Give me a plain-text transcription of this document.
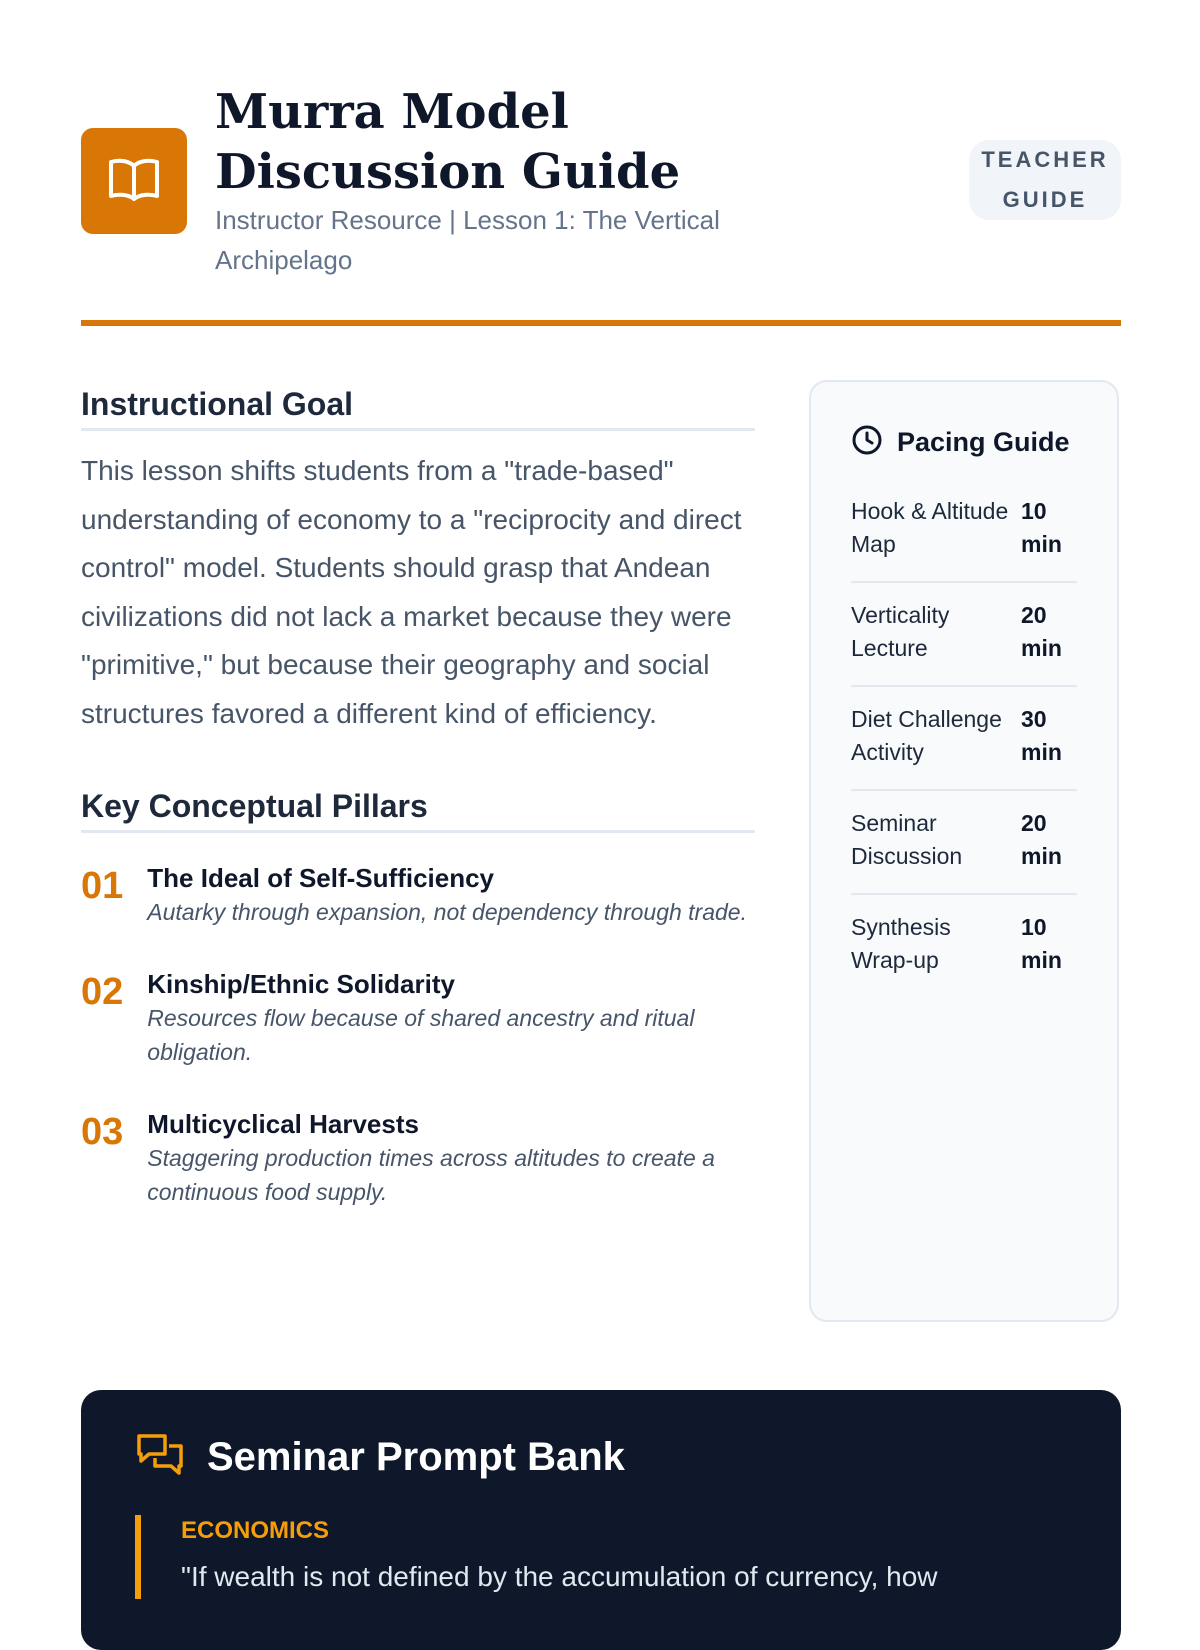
Murra Model Discussion Guide

Instructor Resource | Lesson 1: The Vertical Archipelago

TEACHER GUIDE
Instructional Goal

This lesson shifts students from a "trade-based" understanding of economy to a "reciprocity and direct control" model. Students should grasp that Andean civilizations did not lack a market because they were "primitive," but because their geography and social structures favored a different kind of efficiency.

Key Conceptual Pillars
01 The Ideal of Self-Sufficiency
Autarky through expansion, not dependency through trade.
02 Kinship/Ethnic Solidarity
Resources flow because of shared ancestry and ritual obligation.
03 Multicyclical Harvests
Staggering production times across altitudes to create a continuous food supply.
Pacing Guide
Hook & Altitude Map
10 min
Verticality Lecture
20 min
Diet Challenge Activity
30 min
Seminar Discussion
20 min
Synthesis Wrap-up
10 min
Seminar Prompt Bank
ECONOMICS
"If wealth is not defined by the accumulation of currency, how
